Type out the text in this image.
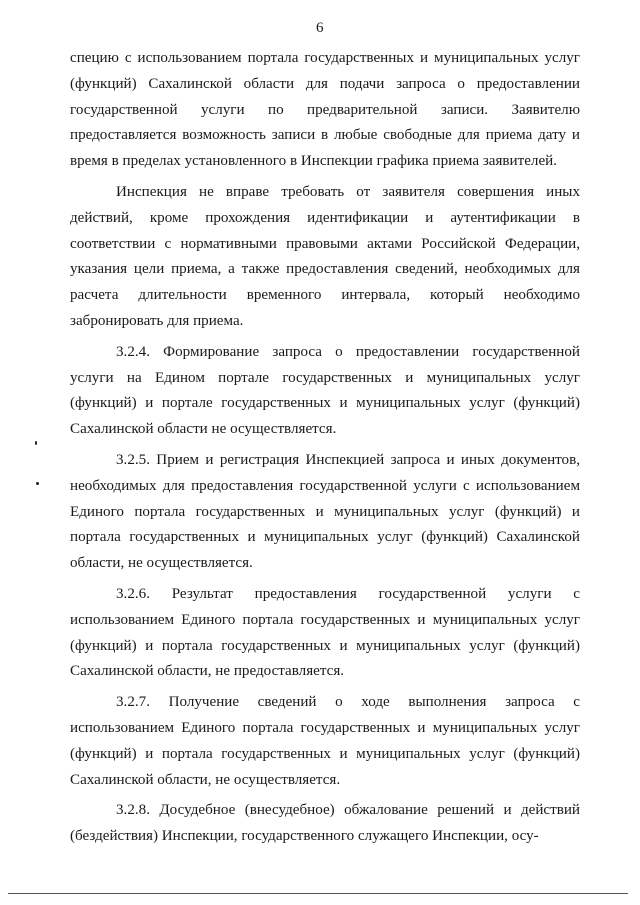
6

специю с использованием портала государственных и муниципальных услуг (функций) Сахалинской области для подачи запроса о предоставлении государственной услуги по предварительной записи. Заявителю предоставляется возможность записи в любые свободные для приема дату и время в пределах установленного в Инспекции графика приема заявителей.

Инспекция не вправе требовать от заявителя совершения иных действий, кроме прохождения идентификации и аутентификации в соответствии с нормативными правовыми актами Российской Федерации, указания цели приема, а также предоставления сведений, необходимых для расчета длительности временного интервала, который необходимо забронировать для приема.

3.2.4. Формирование запроса о предоставлении государственной услуги на Едином портале государственных и муниципальных услуг (функций) и портале государственных и муниципальных услуг (функций) Сахалинской области не осуществляется.

3.2.5. Прием и регистрация Инспекцией запроса и иных документов, необходимых для предоставления государственной услуги с использованием Единого портала государственных и муниципальных услуг (функций) и портала государственных и муниципальных услуг (функций) Сахалинской области, не осуществляется.

3.2.6. Результат предоставления государственной услуги с использованием Единого портала государственных и муниципальных услуг (функций) и портала государственных и муниципальных услуг (функций) Сахалинской области, не предоставляется.

3.2.7. Получение сведений о ходе выполнения запроса с использованием Единого портала государственных и муниципальных услуг (функций) и портала государственных и муниципальных услуг (функций) Сахалинской области, не осуществляется.

3.2.8. Досудебное (внесудебное) обжалование решений и действий (бездействия) Инспекции, государственного служащего Инспекции, осу-
